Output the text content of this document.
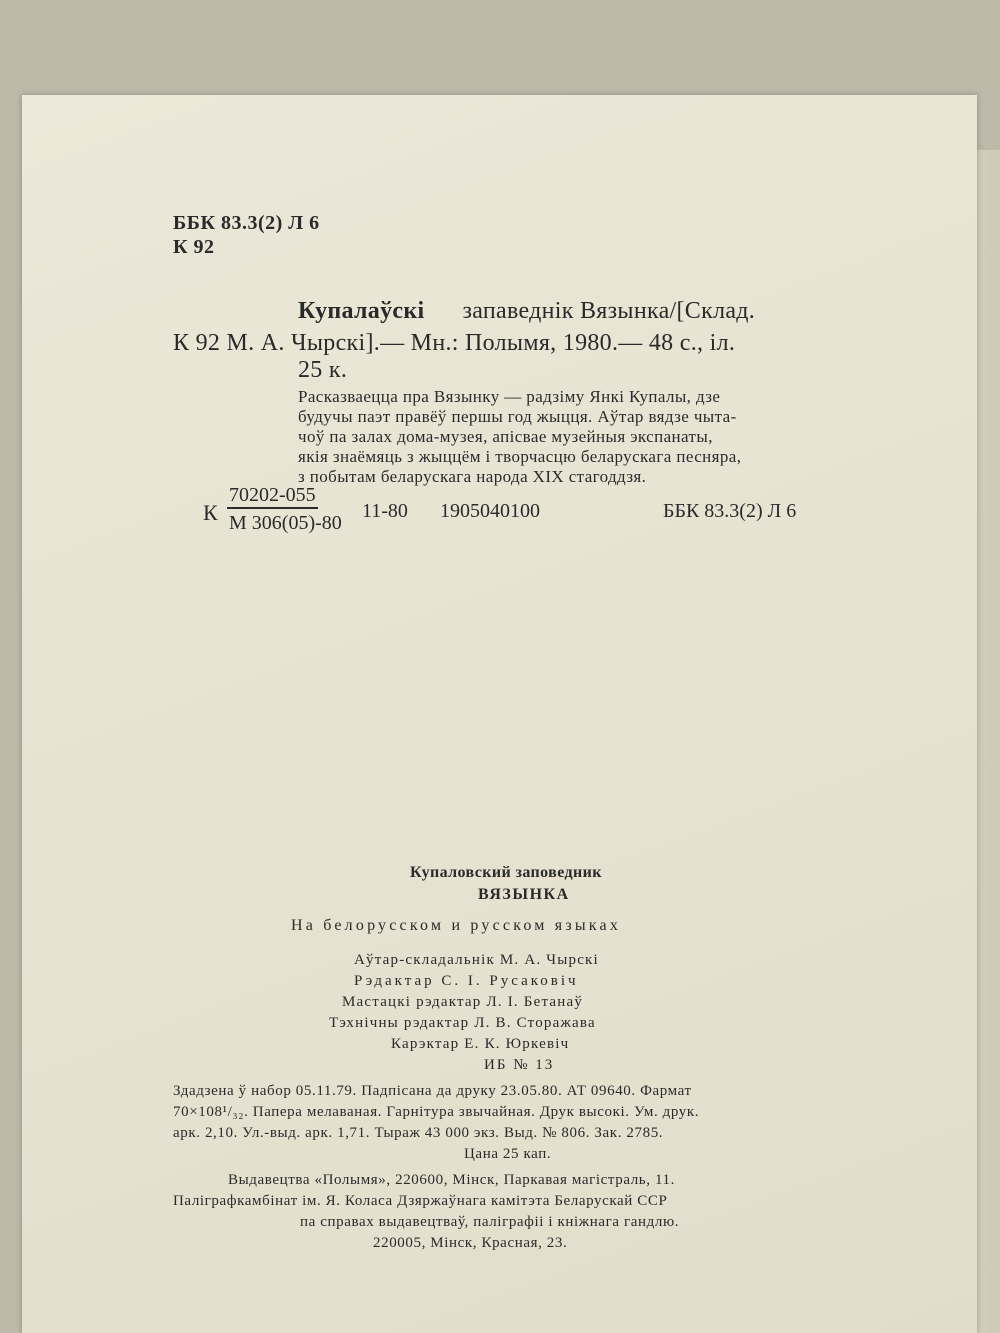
ББК 83.3(2) Л 6
К 92
Купалаўскі запаведнік Вязынка/[Склад.
К 92 М. А. Чырскі].— Мн.: Полымя, 1980.— 48 с., іл.
25 к.
Расказваецца пра Вязынку — радзіму Янкі Купалы, дзе
будучы паэт правёў першы год жыцця. Аўтар вядзе чыта-
чоў па залах дома-музея, апісвае музейныя экспанаты,
якія знаёмяць з жыццём і творчасцю беларускага песняра,
з побытам беларускага народа XIX стагоддзя.
К
70202-055
М 306(05)-80
11-80 1905040100	ББК 83.3(2) Л 6
Купаловский заповедник
ВЯЗЫНКА
На белорусском и русском языках
Аўтар-складальнік М. А. Чырскі
Рэдактар С. І. Русаковіч
Мастацкі рэдактар Л. І. Бетанаў
Тэхнічны рэдактар Л. В. Сторажава
Карэктар Е. К. Юркевіч
ИБ № 13
Здадзена ў набор 05.11.79. Падпісана да друку 23.05.80. АТ 09640. Фармат
70×108¹/₃₂. Папера мелаваная. Гарнітура звычайная. Друк высокі. Ум. друк.
арк. 2,10. Ул.-выд. арк. 1,71. Тыраж 43 000 экз. Выд. № 806. Зак. 2785.
Цана 25 кап.
Выдавецтва «Полымя», 220600, Мінск, Паркавая магістраль, 11.
Паліграфкамбінат ім. Я. Коласа Дзяржаўнага камітэта Беларускай ССР
па справах выдавецтваў, паліграфіі і кніжнага гандлю.
220005, Мінск, Красная, 23.
